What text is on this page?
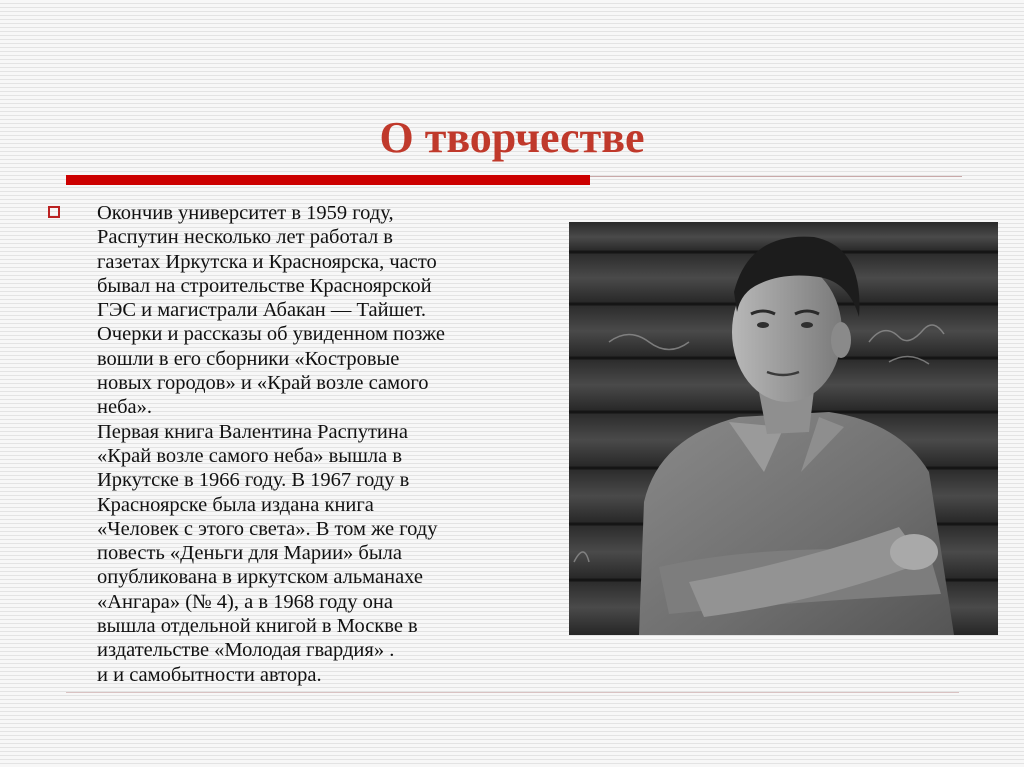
О творчестве

Окончив университет в 1959 году,
Распутин несколько лет работал в
газетах Иркутска и Красноярска, часто
бывал на строительстве Красноярской
ГЭС и магистрали Абакан — Тайшет.
Очерки и рассказы об увиденном позже
вошли в его сборники «Костровые
новых городов» и «Край возле самого
неба».
Первая книга Валентина Распутина
«Край возле самого неба» вышла в
Иркутске в 1966 году. В 1967 году в
Красноярске была издана книга
«Человек с этого света». В том же году
повесть «Деньги для Марии» была
опубликована в иркутском альманахе
«Ангара» (№ 4), а в 1968 году она
вышла отдельной книгой в Москве в
издательстве «Молодая гвардия» .
и и самобытности автора.
